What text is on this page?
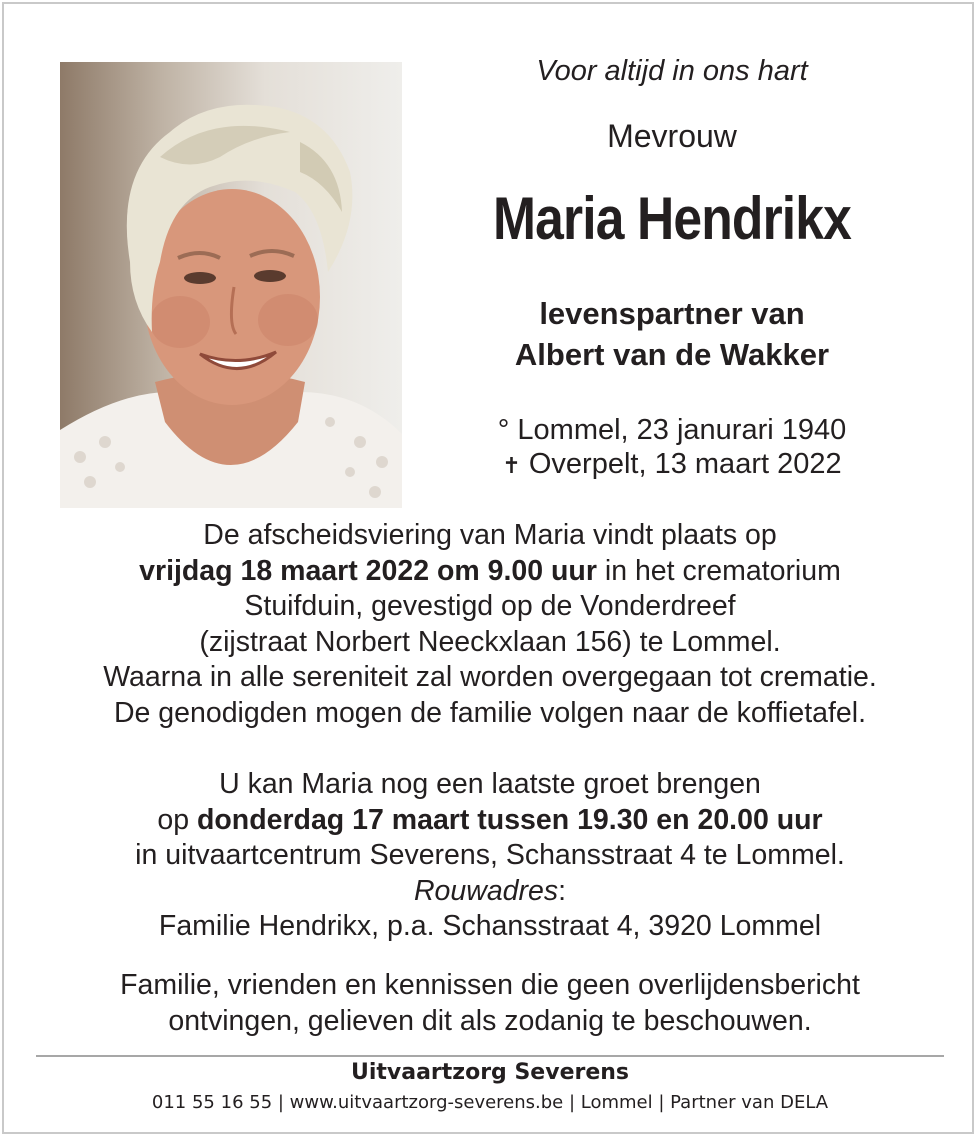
Voor altijd in ons hart
Mevrouw
Maria Hendrikx
levenspartner van
Albert van de Wakker
° Lommel, 23 janurari 1940
✝ Overpelt, 13 maart 2022
De afscheidsviering van Maria vindt plaats op
vrijdag 18 maart 2022 om 9.00 uur in het crematorium
Stuifduin, gevestigd op de Vonderdreef
(zijstraat Norbert Neeckxlaan 156) te Lommel.
Waarna in alle sereniteit zal worden overgegaan tot crematie.
De genodigden mogen de familie volgen naar de koffietafel.
U kan Maria nog een laatste groet brengen
op donderdag 17 maart tussen 19.30 en 20.00 uur
in uitvaartcentrum Severens, Schansstraat 4 te Lommel.
Rouwadres:
Familie Hendrikx, p.a. Schansstraat 4, 3920 Lommel
Familie, vrienden en kennissen die geen overlijdensbericht
ontvingen, gelieven dit als zodanig te beschouwen.
Uitvaartzorg Severens
011 55 16 55 | www.uitvaartzorg-severens.be | Lommel | Partner van DELA
